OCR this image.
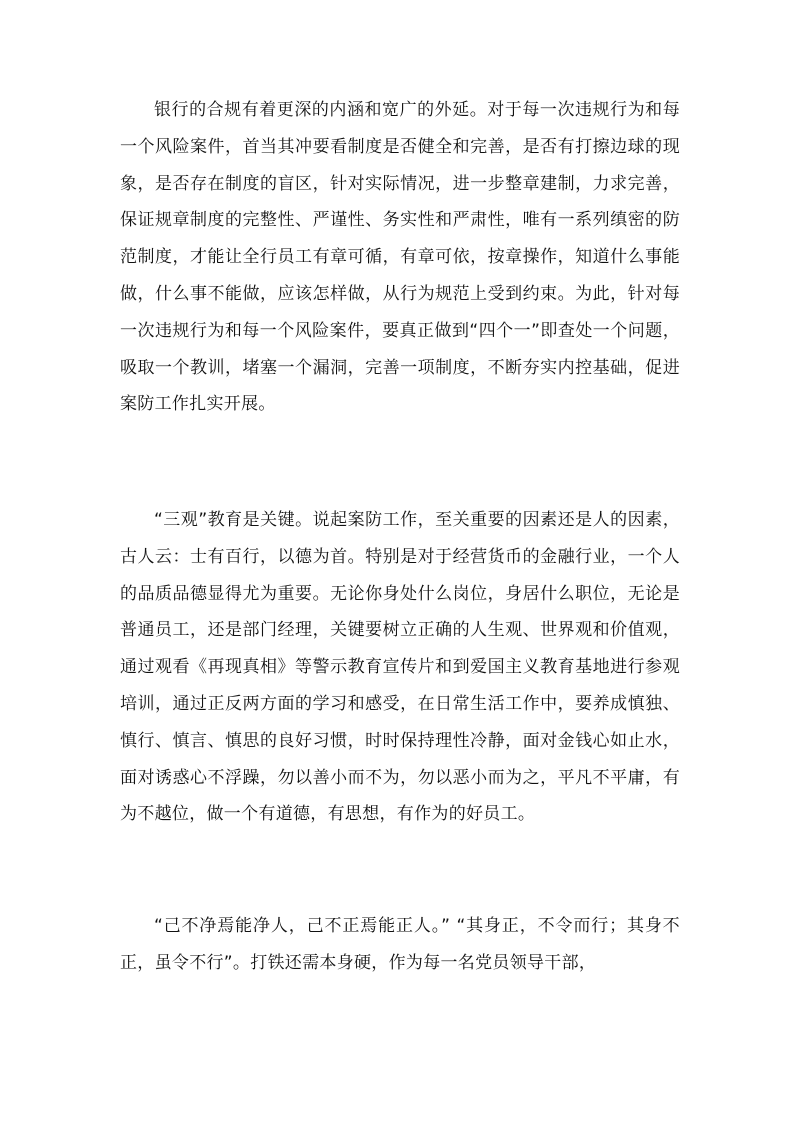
银行的合规有着更深的内涵和宽广的外延。对于每一次违规行为和每一个风险案件，首当其冲要看制度是否健全和完善，是否有打擦边球的现象，是否存在制度的盲区，针对实际情况，进一步整章建制，力求完善，保证规章制度的完整性、严谨性、务实性和严肃性，唯有一系列缜密的防范制度，才能让全行员工有章可循，有章可依，按章操作，知道什么事能做，什么事不能做，应该怎样做，从行为规范上受到约束。为此，针对每一次违规行为和每一个风险案件，要真正做到“四个一”即查处一个问题，吸取一个教训，堵塞一个漏洞，完善一项制度，不断夯实内控基础，促进案防工作扎实开展。

“三观”教育是关键。说起案防工作，至关重要的因素还是人的因素，古人云：士有百行，以德为首。特别是对于经营货币的金融行业，一个人的品质品德显得尤为重要。无论你身处什么岗位，身居什么职位，无论是普通员工，还是部门经理，关键要树立正确的人生观、世界观和价值观，通过观看《再现真相》等警示教育宣传片和到爱国主义教育基地进行参观培训，通过正反两方面的学习和感受，在日常生活工作中，要养成慎独、慎行、慎言、慎思的良好习惯，时时保持理性冷静，面对金钱心如止水，面对诱惑心不浮躁，勿以善小而不为，勿以恶小而为之，平凡不平庸，有为不越位，做一个有道德，有思想，有作为的好员工。

“己不净焉能净人，己不正焉能正人。” “其身正，不令而行；其身不正，虽令不行”。打铁还需本身硬，作为每一名党员领导干部，
